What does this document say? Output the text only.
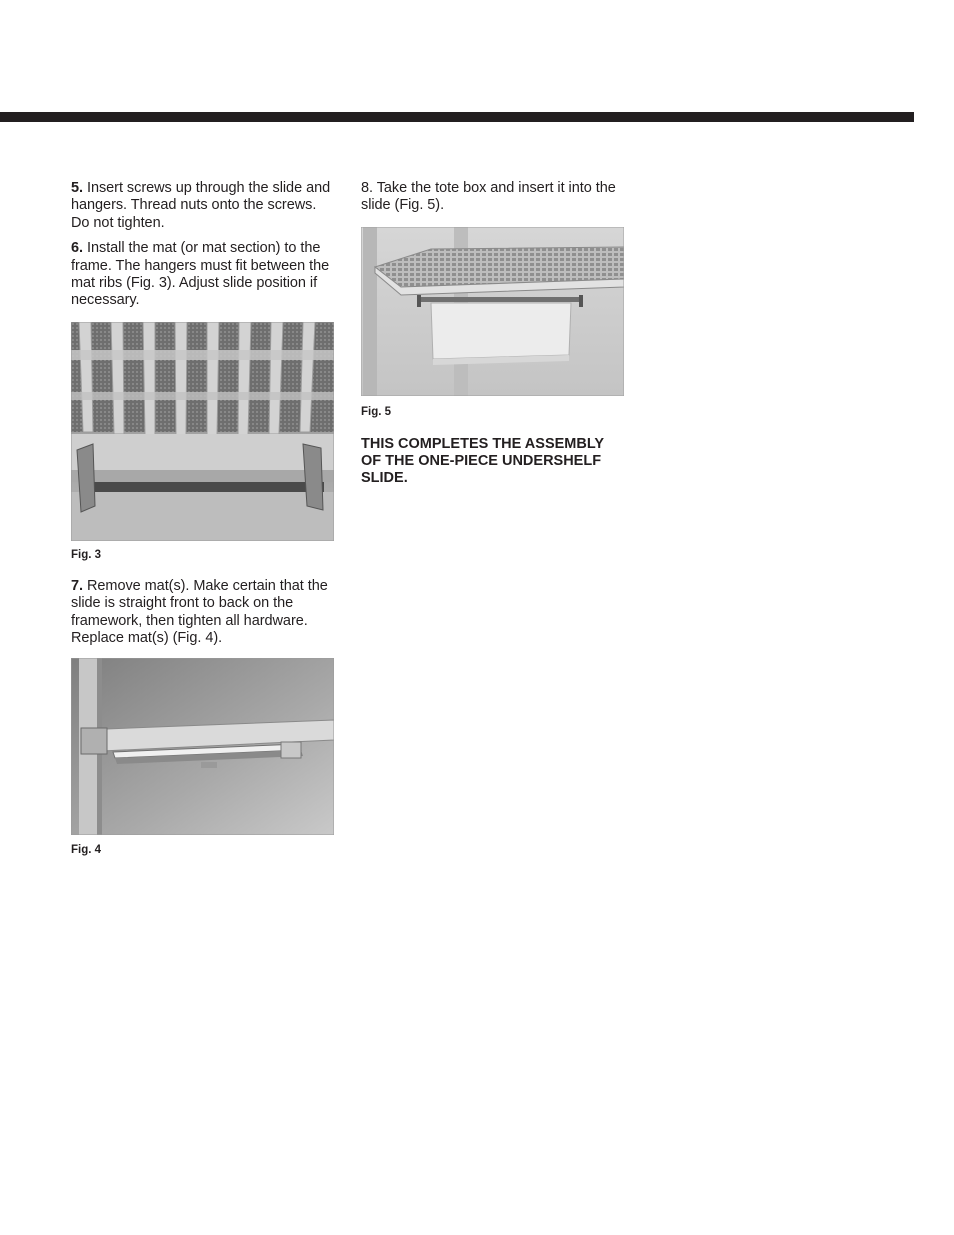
5. Insert screws up through the slide and hangers. Thread nuts onto the screws. Do not tighten.

6. Install the mat (or mat section) to the frame. The hangers must fit between the mat ribs (Fig. 3). Adjust slide position if necessary.

Fig. 3

7. Remove mat(s). Make certain that the slide is straight front to back on the framework, then tighten all hardware. Replace mat(s) (Fig. 4).

Fig. 4

8. Take the tote box and insert it into the slide (Fig. 5).

Fig. 5

THIS COMPLETES THE ASSEMBLY OF THE ONE-PIECE UNDERSHELF SLIDE.
